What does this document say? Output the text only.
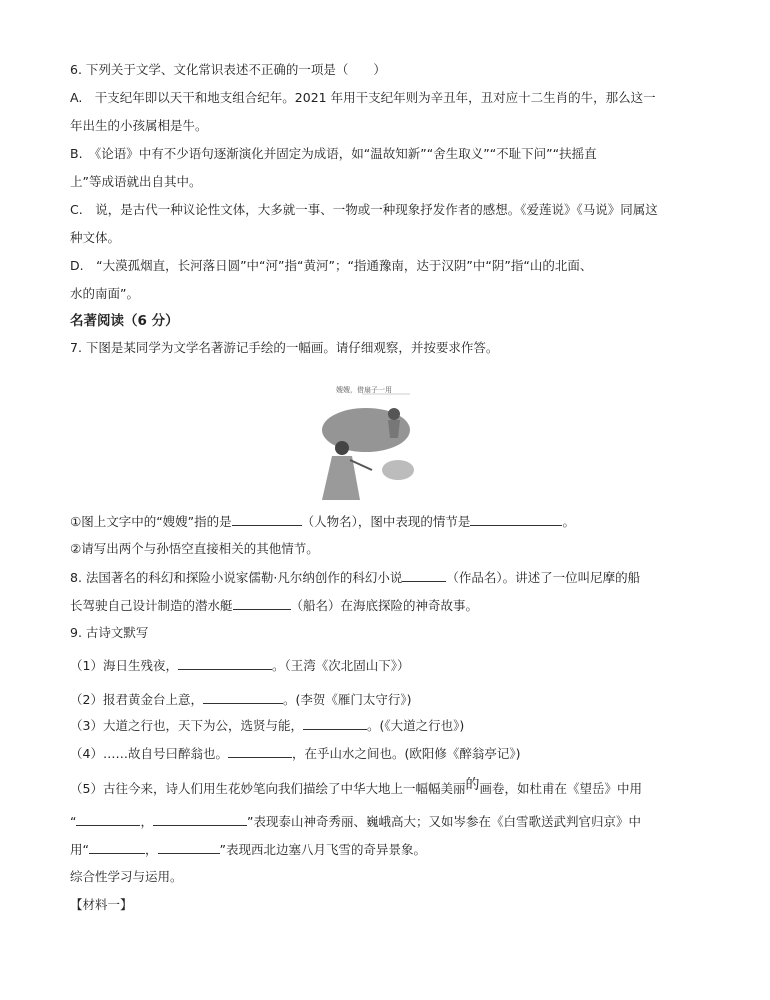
6. 下列关于文学、文化常识表述不正确的一项是（　　）
A.　干支纪年即以天干和地支组合纪年。2021 年用干支纪年则为辛丑年，丑对应十二生肖的牛，那么这一
年出生的小孩属相是牛。
B.　《论语》中有不少语句逐渐演化并固定为成语，如“温故知新”“舍生取义”“不耻下问”“扶摇直
上”等成语就出自其中。
C.　说，是古代一种议论性文体，大多就一事、一物或一种现象抒发作者的感想。《爱莲说》《马说》同属这
种文体。
D.　“大漠孤烟直，长河落日圆”中“河”指“黄河”；“指通豫南，达于汉阴”中“阴”指“山的北面、
水的南面”。
名著阅读（6 分）
7. 下图是某同学为文学名著游记手绘的一幅画。请仔细观察，并按要求作答。
嫂嫂，借扇子一用
①图上文字中的“嫂嫂”指的是	（人物名），图中表现的情节是	。
②请写出两个与孙悟空直接相关的其他情节。
8. 法国著名的科幻和探险小说家儒勒·凡尔纳创作的科幻小说	（作品名）。讲述了一位叫尼摩的船
长驾驶自己设计制造的潜水艇	（船名）在海底探险的神奇故事。
9. 古诗文默写
（1）海日生残夜，	。（王湾《次北固山下》）
（2）报君黄金台上意，	。(李贺《雁门太守行》)
（3）大道之行也，天下为公，选贤与能，	。(《大道之行也》)
（4）……故自号曰醉翁也。	，在乎山水之间也。(欧阳修《醉翁亭记》)
（5）古往今来，诗人们用生花妙笔向我们描绘了中华大地上一幅幅美丽的画卷，如杜甫在《望岳》中用
“	，	”表现泰山神奇秀丽、巍峨高大；又如岑参在《白雪歌送武判官归京》中
用“	，	”表现西北边塞八月飞雪的奇异景象。
综合性学习与运用。
【材料一】
